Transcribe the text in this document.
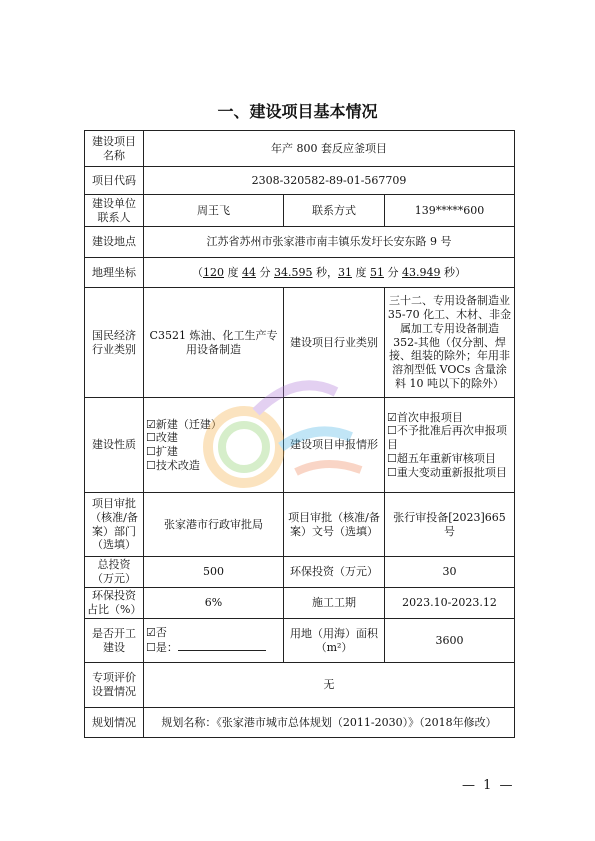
一、建设项目基本情况
建设项目名称	年产 800 套反应釜项目		
项目代码	2308-320582-89-01-567709		
建设单位联系人	周王飞	联系方式	139*****600
建设地点	江苏省苏州市张家港市南丰镇乐发圩长安东路 9 号		
地理坐标	（120 度 44 分 34.595 秒，31 度 51 分 43.949 秒）		
国民经济行业类别	C3521 炼油、化工生产专用设备制造	建设项目行业类别	三十二、专用设备制造业 35-70 化工、木材、非金属加工专用设备制造 352-其他（仅分割、焊接、组装的除外；年用非溶剂型低 VOCs 含量涂料 10 吨以下的除外）
建设性质	☑新建（迁建）
☐改建
☐扩建
☐技术改造	建设项目申报情形	☑首次申报项目
☐不予批准后再次申报项目
☐超五年重新审核项目
☐重大变动重新报批项目

项目审批（核准/备案）部门（选填）	张家港市行政审批局	项目审批（核准/备案）文号（选填）	张行审投备[2023]665 号
总投资（万元）	500	环保投资（万元）	30
环保投资占比（%）	6%	施工工期	2023.10-2023.12
是否开工建设	☑否
☐是：	用地（用海）面积（m²）	3600
专项评价设置情况	无		
规划情况	规划名称：《张家港市城市总体规划（2011-2030）》（2018年修改）		
— 1 —
